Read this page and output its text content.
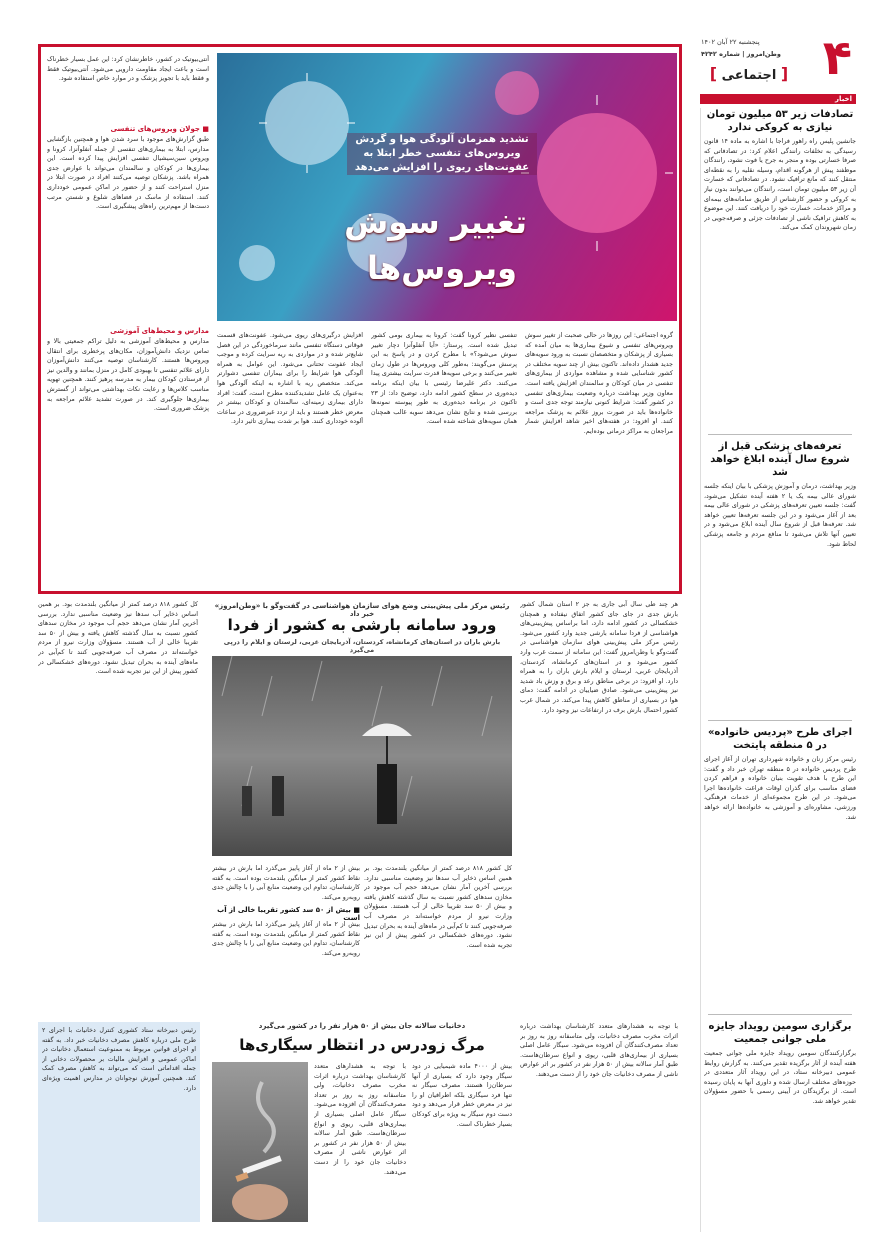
۴
پنجشنبه ۲۲ آبان ۱۴۰۲
وطن‌امروز | شماره ۴۲۴۲
[ اجتماعی ]
اخبار
تصادفات زیر ۵۳ میلیون تومان نیازی به کروکی ندارد
جانشین پلیس راه راهور فراجا با اشاره به ماده ۱۴ قانون رسیدگی به تخلفات رانندگی اعلام کرد: در تصادفاتی که صرفا خسارتی بوده و منجر به جرح یا فوت نشود، رانندگان موظفند پیش از هرگونه اقدام، وسیله نقلیه را به نقطه‌ای منتقل کنند که مانع ترافیک نشود. در تصادفاتی که خسارت آن زیر ۵۳ میلیون تومان است، رانندگان می‌توانند بدون نیاز به کروکی و حضور کارشناس از طریق سامانه‌های بیمه‌ای و مراکز خدمات، خسارت خود را دریافت کنند. این موضوع به کاهش ترافیک ناشی از تصادفات جزئی و صرفه‌جویی در زمان شهروندان کمک می‌کند.
تعرفه‌های پزشکی قبل از شروع سال آینده ابلاغ خواهد شد
وزیر بهداشت، درمان و آموزش پزشکی با بیان اینکه جلسه شورای عالی بیمه یک یا ۲ هفته آینده تشکیل می‌شود، گفت: جلسه تعیین تعرفه‌های پزشکی در شورای عالی بیمه بعد از آغاز می‌شود و در این جلسه تعرفه‌ها تعیین خواهد شد. تعرفه‌ها قبل از شروع سال آینده ابلاغ می‌شود و در تعیین آنها تلاش می‌شود تا منافع مردم و جامعه پزشکی لحاظ شود.
اجرای طرح «پردیس خانواده» در ۵ منطقه پایتخت
رئیس مرکز زنان و خانواده شهرداری تهران از آغاز اجرای طرح پردیس خانواده در ۵ منطقه تهران خبر داد و گفت: این طرح با هدف تقویت بنیان خانواده و فراهم کردن فضای مناسب برای گذران اوقات فراغت خانواده‌ها اجرا می‌شود. در این طرح مجموعه‌ای از خدمات فرهنگی، ورزشی، مشاوره‌ای و آموزشی به خانواده‌ها ارائه خواهد شد.
برگزاری سومین رویداد جایزه ملی جوانی جمعیت
برگزارکنندگان سومین رویداد جایزه ملی جوانی جمعیت هفته آینده از آثار برگزیده تقدیر می‌کنند. به گزارش روابط عمومی دبیرخانه ستاد، در این رویداد آثار متعددی در حوزه‌های مختلف ارسال شده و داوری آنها به پایان رسیده است. از برگزیدگان در آیینی رسمی با حضور مسؤولان تقدیر خواهد شد.
آنتی‌بیوتیک در کشور، خاطرنشان کرد: این عمل بسیار خطرناک است و باعث ایجاد مقاومت دارویی می‌شود. آنتی‌بیوتیک فقط و فقط باید با تجویز پزشک و در موارد خاص استفاده شود.
■ جولان ویروس‌های تنفسی
طبق گزارش‌های موجود با سرد شدن هوا و همچنین بازگشایی مدارس، ابتلا به بیماری‌های تنفسی از جمله آنفلوآنزا، کرونا و ویروس سین‌سیشیال تنفسی افزایش پیدا کرده است. این بیماری‌ها در کودکان و سالمندان می‌تواند با عوارض جدی همراه باشد. پزشکان توصیه می‌کنند افراد در صورت ابتلا در منزل استراحت کنند و از حضور در اماکن عمومی خودداری کنند. استفاده از ماسک در فضاهای شلوغ و شستن مرتب دست‌ها از مهم‌ترین راه‌های پیشگیری است.
مدارس و محیط‌های آموزشی
مدارس و محیط‌های آموزشی به دلیل تراکم جمعیتی بالا و تماس نزدیک دانش‌آموزان، مکان‌های پرخطری برای انتقال ویروس‌ها هستند. کارشناسان توصیه می‌کنند دانش‌آموزان دارای علائم تنفسی تا بهبودی کامل در منزل بمانند و والدین نیز از فرستادن کودکان بیمار به مدرسه پرهیز کنند. همچنین تهویه مناسب کلاس‌ها و رعایت نکات بهداشتی می‌تواند از گسترش بیماری‌ها جلوگیری کند. در صورت تشدید علائم مراجعه به پزشک ضروری است.
تشدید همزمان آلودگی هوا و گردش ویروس‌های تنفسی خطر ابتلا به عفونت‌های ریوی را افزایش می‌دهد
تغییر سوش
ویروس‌ها
افزایش درگیری‌های ریوی می‌شود. عفونت‌های قسمت فوقانی دستگاه تنفسی مانند سرماخوردگی در این فصل شایع‌تر شده و در مواردی به ریه سرایت کرده و موجب ایجاد عفونت تحتانی می‌شود. این عوامل به همراه آلودگی هوا شرایط را برای بیماران تنفسی دشوارتر می‌کند. متخصص ریه با اشاره به اینکه آلودگی هوا به‌عنوان یک عامل تشدیدکننده مطرح است، گفت: افراد دارای بیماری زمینه‌ای، سالمندان و کودکان بیشتر در معرض خطر هستند و باید از تردد غیرضروری در ساعات آلوده خودداری کنند. هوا بر شدت بیماری تاثیر دارد.
تنفسی نظیر کرونا گفت: کرونا به بیماری بومی کشور تبدیل شده است. پرستار: «آیا آنفلوآنزا دچار تغییر سوش می‌شود؟» با مطرح کردن و در پاسخ به این پرسش می‌گویند: به‌طور کلی ویروس‌ها در طول زمان تغییر می‌کنند و برخی سویه‌ها قدرت سرایت بیشتری پیدا می‌کنند. دکتر علیرضا رئیسی با بیان اینکه برنامه دیده‌وری در سطح کشور ادامه دارد، توضیح داد: از ۲۳ تاکنون در برنامه دیده‌وری به طور پیوسته نمونه‌ها بررسی شده و نتایج نشان می‌دهد سویه غالب همچنان همان سویه‌های شناخته شده است.
گروه اجتماعی: این روزها در حالی صحبت از تغییر سوش ویروس‌های تنفسی و شیوع بیماری‌ها به میان آمده که بسیاری از پزشکان و متخصصان نسبت به ورود سویه‌های جدید هشدار داده‌اند. تاکنون بیش از چند سویه مختلف در کشور شناسایی شده و مشاهده مواردی از بیماری‌های تنفسی در میان کودکان و سالمندان افزایش یافته است. معاون وزیر بهداشت درباره وضعیت بیماری‌های تنفسی در کشور گفت: شرایط کنونی نیازمند توجه جدی است و خانواده‌ها باید در صورت بروز علائم به پزشک مراجعه کنند. او افزود: در هفته‌های اخیر شاهد افزایش شمار مراجعان به مراکز درمانی بوده‌ایم.
هر چند طی سال آبی جاری به جز ۲ استان شمال کشور بارش جدی در جای جای کشور اتفاق نیفتاده و همچنان خشکسالی در کشور ادامه دارد، اما براساس پیش‌بینی‌های هواشناسی از فردا سامانه بارشی جدید وارد کشور می‌شود. رئیس مرکز ملی پیش‌بینی هوای سازمان هواشناسی در گفت‌وگو با وطن‌امروز گفت: این سامانه از سمت غرب وارد کشور می‌شود و در استان‌های کرمانشاه، کردستان، آذربایجان غربی، لرستان و ایلام بارش باران را به همراه دارد. او افزود: در برخی مناطق رعد و برق و وزش باد شدید نیز پیش‌بینی می‌شود. صادق ضیاییان در ادامه گفت: دمای هوا در بسیاری از مناطق کاهش پیدا می‌کند. در شمال غرب کشور احتمال بارش برف در ارتفاعات نیز وجود دارد.
رئیس مرکز ملی پیش‌بینی وضع هوای سازمان هواشناسی در گفت‌وگو با «وطن‌امروز» خبر داد
ورود سامانه بارشی به کشور از فردا
بارش باران در استان‌های کرمانشاه، کردستان، آذربایجان غربی، لرستان و ایلام را درپی می‌گیرد
بیش از ۲ ماه از آغاز پاییز می‌گذرد اما بارش در بیشتر نقاط کشور کمتر از میانگین بلندمدت بوده است. به گفته کارشناسان، تداوم این وضعیت منابع آبی را با چالش جدی روبه‌رو می‌کند.
■ بیش از ۵۰ سد کشور تقریبا خالی از آب است
بیش از ۲ ماه از آغاز پاییز می‌گذرد اما بارش در بیشتر نقاط کشور کمتر از میانگین بلندمدت بوده است. به گفته کارشناسان، تداوم این وضعیت منابع آبی را با چالش جدی روبه‌رو می‌کند.
کل کشور ۸۱۸ درصد کمتر از میانگین بلندمدت بود. بر همین اساس ذخایر آب سدها نیز وضعیت مناسبی ندارد. بررسی آخرین آمار نشان می‌دهد حجم آب موجود در مخازن سدهای کشور نسبت به سال گذشته کاهش یافته و بیش از ۵۰ سد تقریبا خالی از آب هستند. مسؤولان وزارت نیرو از مردم خواسته‌اند در مصرف آب صرفه‌جویی کنند تا کم‌آبی در ماه‌های آینده به بحران تبدیل نشود. دوره‌های خشکسالی در کشور پیش از این نیز تجربه شده است.
کل کشور ۸۱۸ درصد کمتر از میانگین بلندمدت بود. بر همین اساس ذخایر آب سدها نیز وضعیت مناسبی ندارد. بررسی آخرین آمار نشان می‌دهد حجم آب موجود در مخازن سدهای کشور نسبت به سال گذشته کاهش یافته و بیش از ۵۰ سد تقریبا خالی از آب هستند. مسؤولان وزارت نیرو از مردم خواسته‌اند در مصرف آب صرفه‌جویی کنند تا کم‌آبی در ماه‌های آینده به بحران تبدیل نشود. دوره‌های خشکسالی در کشور پیش از این نیز تجربه شده است.
با توجه به هشدارهای متعدد کارشناسان بهداشت درباره اثرات مخرب مصرف دخانیات، ولی متاسفانه روز به روز بر تعداد مصرف‌کنندگان آن افزوده می‌شود. سیگار عامل اصلی بسیاری از بیماری‌های قلبی، ریوی و انواع سرطان‌هاست. طبق آمار سالانه بیش از ۵۰ هزار نفر در کشور بر اثر عوارض ناشی از مصرف دخانیات جان خود را از دست می‌دهند.
دخانیات سالانه جان بیش از ۵۰ هزار نفر را در کشور می‌گیرد
مرگ زودرس در انتظار سیگاری‌ها
بیش از ۴۰۰۰ ماده شیمیایی در دود سیگار وجود دارد که بسیاری از آنها سرطان‌زا هستند. مصرف سیگار نه تنها فرد سیگاری بلکه اطرافیان او را نیز در معرض خطر قرار می‌دهد و دود دست دوم سیگار به ویژه برای کودکان بسیار خطرناک است.
با توجه به هشدارهای متعدد کارشناسان بهداشت درباره اثرات مخرب مصرف دخانیات، ولی متاسفانه روز به روز بر تعداد مصرف‌کنندگان آن افزوده می‌شود. سیگار عامل اصلی بسیاری از بیماری‌های قلبی، ریوی و انواع سرطان‌هاست. طبق آمار سالانه بیش از ۵۰ هزار نفر در کشور بر اثر عوارض ناشی از مصرف دخانیات جان خود را از دست می‌دهند.
رئیس دبیرخانه ستاد کشوری کنترل دخانیات با اجرای ۲ طرح ملی درباره کاهش مصرف دخانیات خبر داد. به گفته او اجرای قوانین مربوط به ممنوعیت استعمال دخانیات در اماکن عمومی و افزایش مالیات بر محصولات دخانی از جمله اقداماتی است که می‌تواند به کاهش مصرف کمک کند. همچنین آموزش نوجوانان در مدارس اهمیت ویژه‌ای دارد.
